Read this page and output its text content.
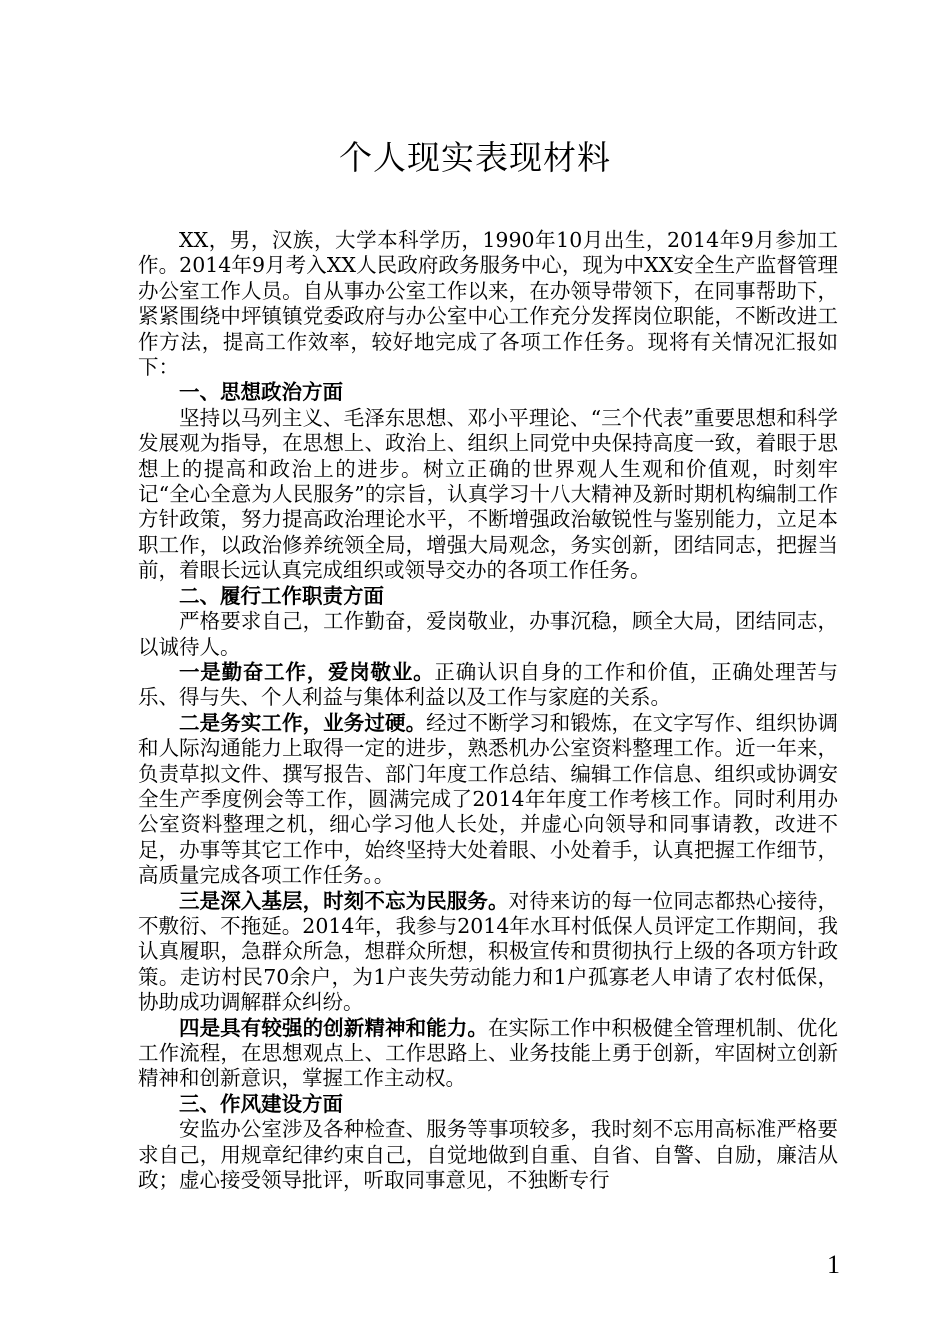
个人现实表现材料

XX，男，汉族，大学本科学历，1990年10月出生，2014年9月参加工作。2014年9月考入XX人民政府政务服务中心，现为中XX安全生产监督管理办公室工作人员。自从事办公室工作以来，在办领导带领下，在同事帮助下，紧紧围绕中坪镇镇党委政府与办公室中心工作充分发挥岗位职能，不断改进工作方法，提高工作效率，较好地完成了各项工作任务。现将有关情况汇报如下：

一、思想政治方面

坚持以马列主义、毛泽东思想、邓小平理论、“三个代表”重要思想和科学发展观为指导，在思想上、政治上、组织上同党中央保持高度一致，着眼于思想上的提高和政治上的进步。树立正确的世界观人生观和价值观，时刻牢记“全心全意为人民服务”的宗旨，认真学习十八大精神及新时期机构编制工作方针政策，努力提高政治理论水平，不断增强政治敏锐性与鉴别能力，立足本职工作，以政治修养统领全局，增强大局观念，务实创新，团结同志，把握当前，着眼长远认真完成组织或领导交办的各项工作任务。

二、履行工作职责方面

严格要求自己，工作勤奋，爱岗敬业，办事沉稳，顾全大局，团结同志，以诚待人。

一是勤奋工作，爱岗敬业。正确认识自身的工作和价值，正确处理苦与乐、得与失、个人利益与集体利益以及工作与家庭的关系。

二是务实工作，业务过硬。经过不断学习和锻炼，在文字写作、组织协调和人际沟通能力上取得一定的进步，熟悉机办公室资料整理工作。近一年来，负责草拟文件、撰写报告、部门年度工作总结、编辑工作信息、组织或协调安全生产季度例会等工作，圆满完成了2014年年度工作考核工作。同时利用办公室资料整理之机，细心学习他人长处，并虚心向领导和同事请教，改进不足，办事等其它工作中，始终坚持大处着眼、小处着手，认真把握工作细节，高质量完成各项工作任务。。

三是深入基层，时刻不忘为民服务。对待来访的每一位同志都热心接待，不敷衍、不拖延。2014年，我参与2014年水耳村低保人员评定工作期间，我认真履职，急群众所急，想群众所想，积极宣传和贯彻执行上级的各项方针政策。走访村民70余户，为1户丧失劳动能力和1户孤寡老人申请了农村低保，协助成功调解群众纠纷。

四是具有较强的创新精神和能力。在实际工作中积极健全管理机制、优化工作流程，在思想观点上、工作思路上、业务技能上勇于创新，牢固树立创新精神和创新意识，掌握工作主动权。

三、作风建设方面

安监办公室涉及各种检查、服务等事项较多，我时刻不忘用高标准严格要求自己，用规章纪律约束自己，自觉地做到自重、自省、自警、自励，廉洁从政；虚心接受领导批评，听取同事意见，不独断专行

1
